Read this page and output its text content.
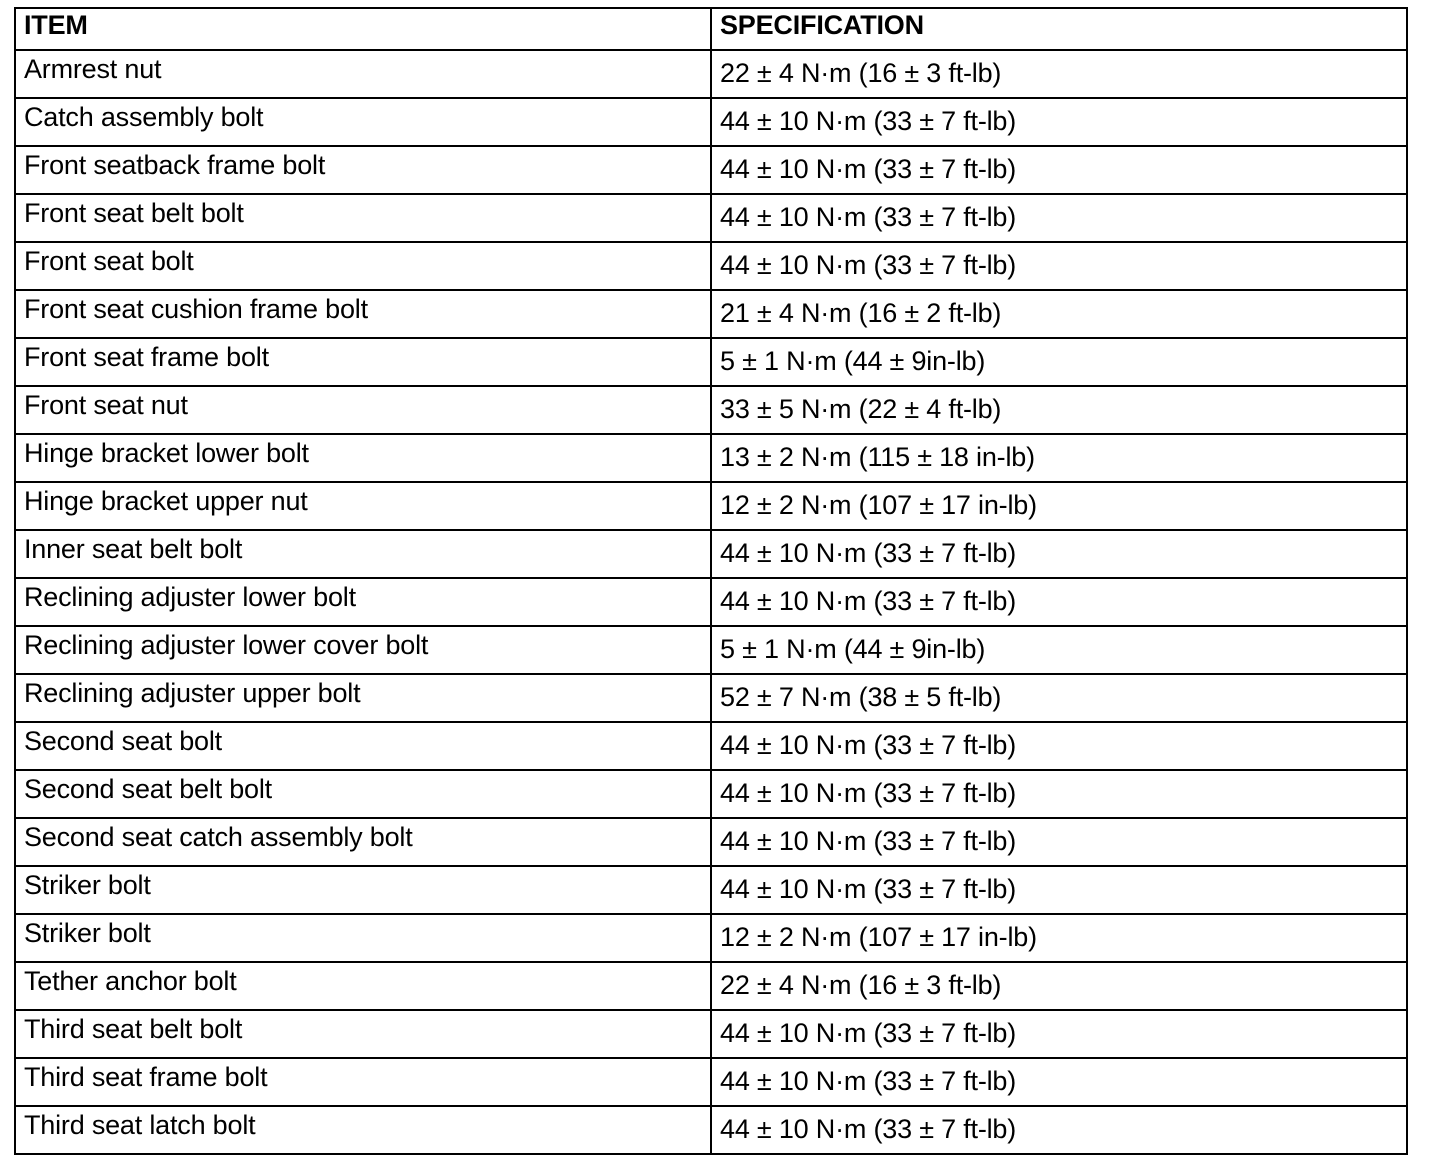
ITEM	SPECIFICATION
Armrest nut	22 ± 4 N·m (16 ± 3 ft-lb)
Catch assembly bolt	44 ± 10 N·m (33 ± 7 ft-lb)
Front seatback frame bolt	44 ± 10 N·m (33 ± 7 ft-lb)
Front seat belt bolt	44 ± 10 N·m (33 ± 7 ft-lb)
Front seat bolt	44 ± 10 N·m (33 ± 7 ft-lb)
Front seat cushion frame bolt	21 ± 4 N·m (16 ± 2 ft-lb)
Front seat frame bolt	5 ± 1 N·m (44 ± 9in-lb)
Front seat nut	33 ± 5 N·m (22 ± 4 ft-lb)
Hinge bracket lower bolt	13 ± 2 N·m (115 ± 18 in-lb)
Hinge bracket upper nut	12 ± 2 N·m (107 ± 17 in-lb)
Inner seat belt bolt	44 ± 10 N·m (33 ± 7 ft-lb)
Reclining adjuster lower bolt	44 ± 10 N·m (33 ± 7 ft-lb)
Reclining adjuster lower cover bolt	5 ± 1 N·m (44 ± 9in-lb)
Reclining adjuster upper bolt	52 ± 7 N·m (38 ± 5 ft-lb)
Second seat bolt	44 ± 10 N·m (33 ± 7 ft-lb)
Second seat belt bolt	44 ± 10 N·m (33 ± 7 ft-lb)
Second seat catch assembly bolt	44 ± 10 N·m (33 ± 7 ft-lb)
Striker bolt	44 ± 10 N·m (33 ± 7 ft-lb)
Striker bolt	12 ± 2 N·m (107 ± 17 in-lb)
Tether anchor bolt	22 ± 4 N·m (16 ± 3 ft-lb)
Third seat belt bolt	44 ± 10 N·m (33 ± 7 ft-lb)
Third seat frame bolt	44 ± 10 N·m (33 ± 7 ft-lb)
Third seat latch bolt	44 ± 10 N·m (33 ± 7 ft-lb)
